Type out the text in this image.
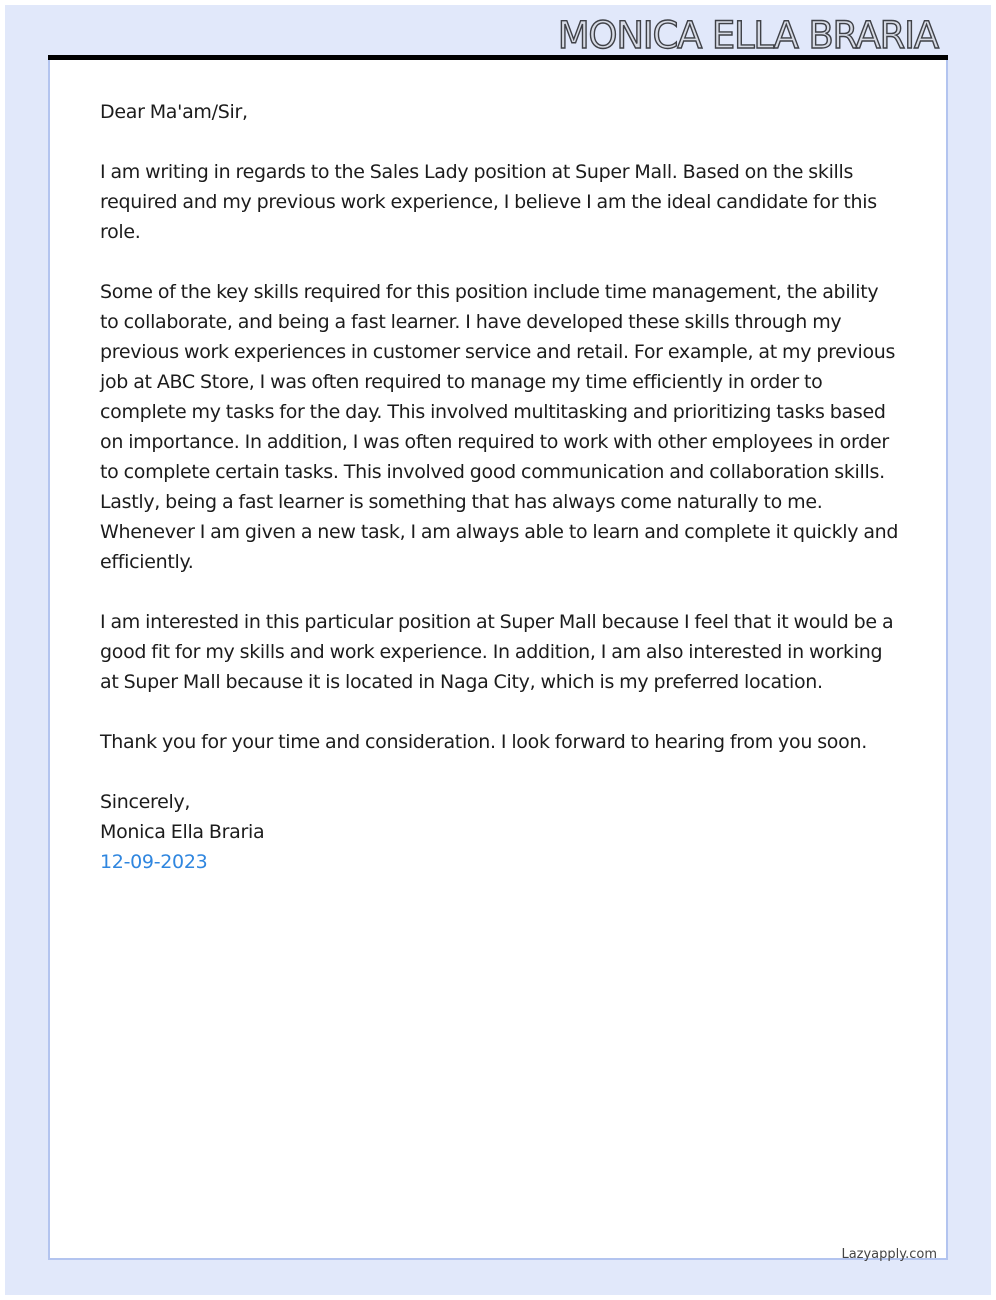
MONICA ELLA BRARIA

Dear Ma'am/Sir,

I am writing in regards to the Sales Lady position at Super Mall. Based on the skills required and my previous work experience, I believe I am the ideal candidate for this role.

Some of the key skills required for this position include time management, the ability to collaborate, and being a fast learner. I have developed these skills through my previous work experiences in customer service and retail. For example, at my previous job at ABC Store, I was often required to manage my time efficiently in order to complete my tasks for the day. This involved multitasking and prioritizing tasks based on importance. In addition, I was often required to work with other employees in order to complete certain tasks. This involved good communication and collaboration skills. Lastly, being a fast learner is something that has always come naturally to me. Whenever I am given a new task, I am always able to learn and complete it quickly and efficiently.

I am interested in this particular position at Super Mall because I feel that it would be a good fit for my skills and work experience. In addition, I am also interested in working at Super Mall because it is located in Naga City, which is my preferred location.

Thank you for your time and consideration. I look forward to hearing from you soon.

Sincerely,

Monica Ella Braria

12-09-2023

Lazyapply.com
